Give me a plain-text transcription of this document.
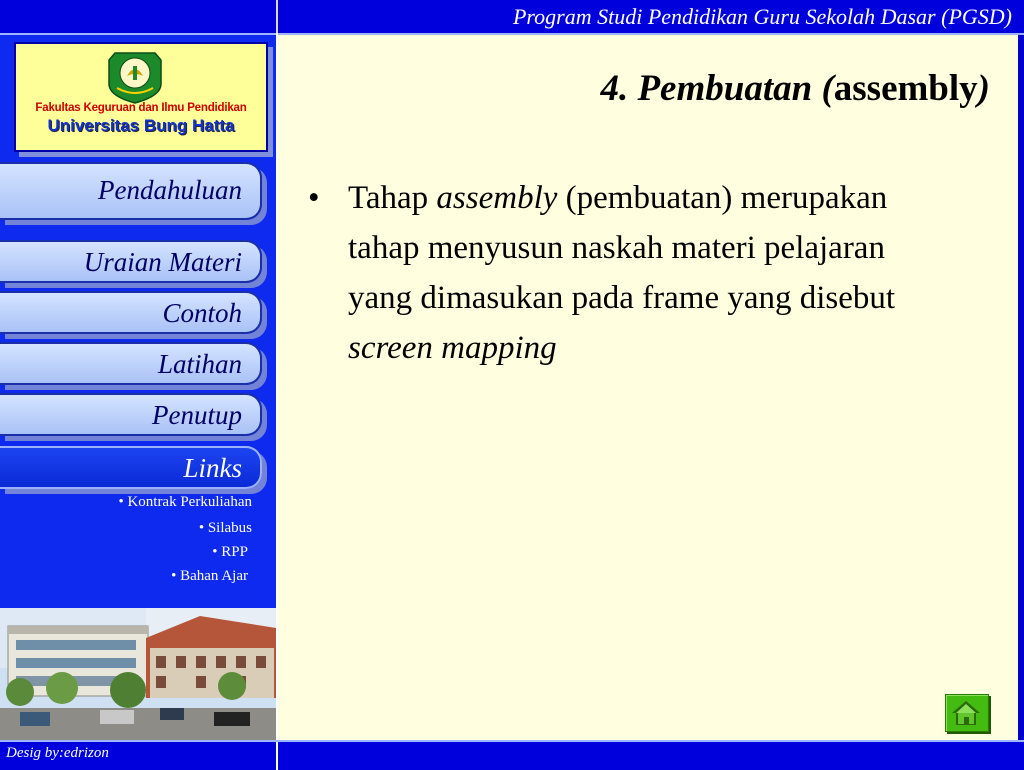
Program Studi Pendidikan Guru Sekolah Dasar (PGSD)
Fakultas Keguruan dan Ilmu Pendidikan
Universitas Bung Hatta
Pendahuluan
Uraian Materi
Contoh
Latihan
Penutup
Links
• Kontrak Perkuliahan
• Silabus
• RPP
• Bahan Ajar
4. Pembuatan (assembly)
• Tahap assembly (pembuatan) merupakan tahap menyusun naskah materi pelajaran yang dimasukan pada frame yang disebut screen mapping
Desig by:edrizon
